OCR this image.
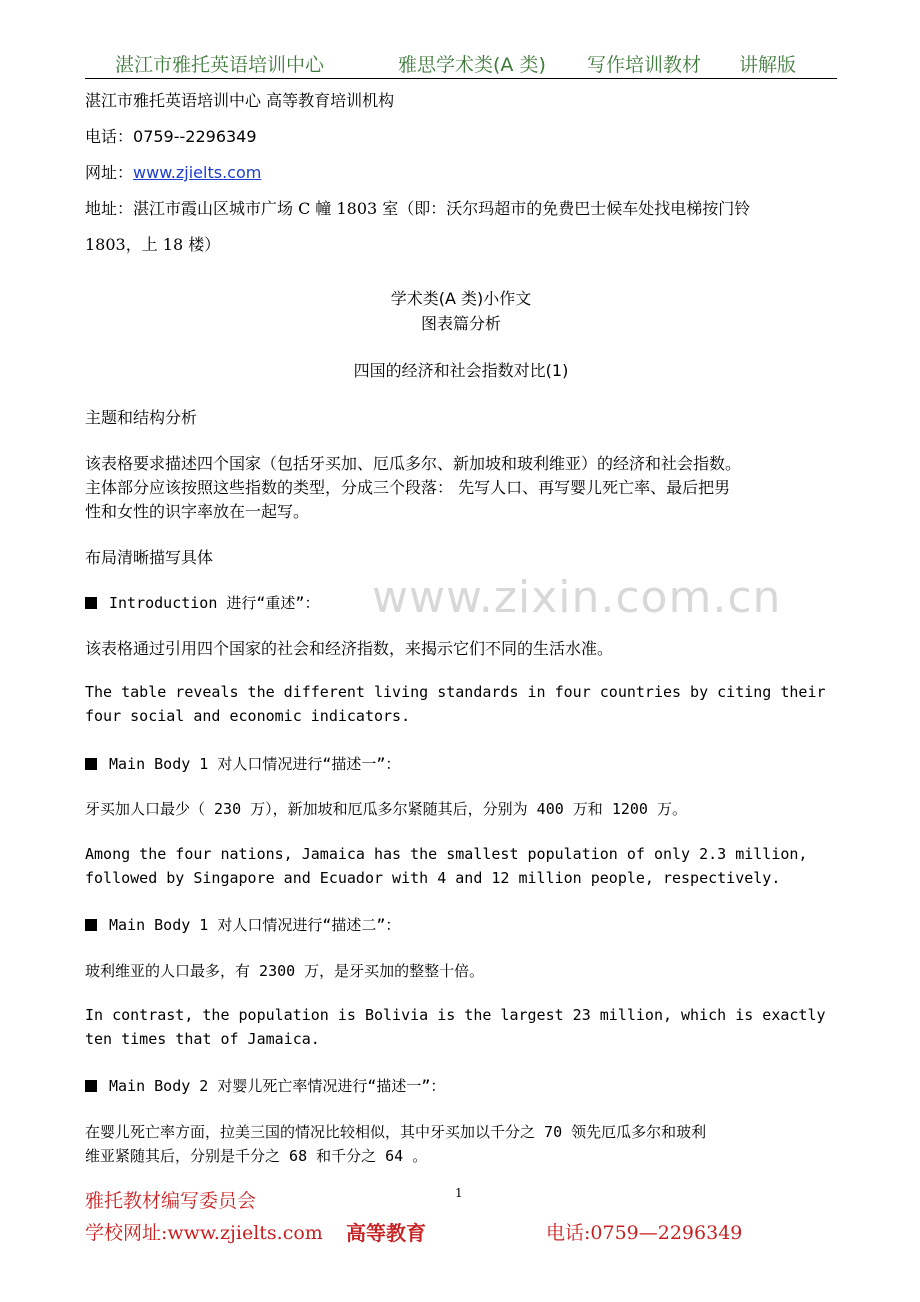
湛江市雅托英语培训中心	雅思学术类(A 类) 写作培训教材 讲解版
湛江市雅托英语培训中心 高等教育培训机构
电话：0759--2296349
网址：www.zjielts.com
地址：湛江市霞山区城市广场 C 幢 1803 室（即：沃尔玛超市的免费巴士候车处找电梯按门铃
1803，上 18 楼）
学术类(A 类)小作文
图表篇分析
四国的经济和社会指数对比(1)
主题和结构分析
该表格要求描述四个国家（包括牙买加、厄瓜多尔、新加坡和玻利维亚）的经济和社会指数。
主体部分应该按照这些指数的类型，分成三个段落： 先写人口、再写婴儿死亡率、最后把男
性和女性的识字率放在一起写。
布局清晰描写具体
Introduction 进行“重述”：
该表格通过引用四个国家的社会和经济指数，来揭示它们不同的生活水准。
The table reveals the different living standards in four countries by citing their
four social and economic indicators.
Main Body 1 对人口情况进行“描述一”：
牙买加人口最少（ 230 万），新加坡和厄瓜多尔紧随其后，分别为 400 万和 1200 万。
Among the four nations, Jamaica has the smallest population of only 2.3 million,
followed by Singapore and Ecuador with 4 and 12 million people, respectively.
Main Body 1 对人口情况进行“描述二”：
玻利维亚的人口最多，有 2300 万，是牙买加的整整十倍。
In contrast, the population is Bolivia is the largest 23 million, which is exactly
ten times that of Jamaica.
Main Body 2 对婴儿死亡率情况进行“描述一”：
在婴儿死亡率方面，拉美三国的情况比较相似，其中牙买加以千分之 70 领先厄瓜多尔和玻利
维亚紧随其后，分别是千分之 68 和千分之 64 。
www.zixin.com.cn
1
雅托教材编写委员会
学校网址:www.zjielts.com 高等教育	电话:0759—2296349
